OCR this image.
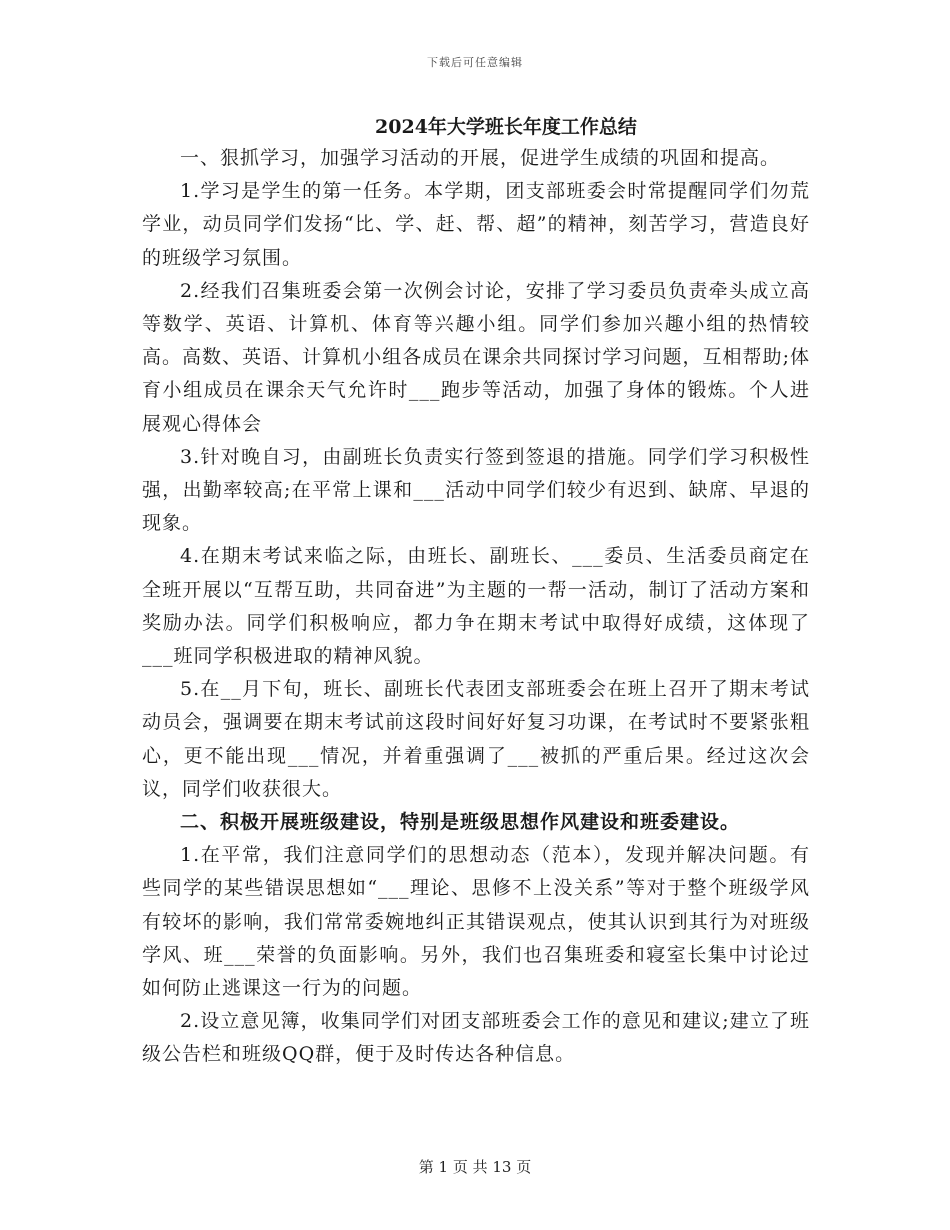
下载后可任意编辑
2024年大学班长年度工作总结

一、狠抓学习，加强学习活动的开展，促进学生成绩的巩固和提高。

1.学习是学生的第一任务。本学期，团支部班委会时常提醒同学们勿荒学业，动员同学们发扬“比、学、赶、帮、超”的精神，刻苦学习，营造良好的班级学习氛围。

2.经我们召集班委会第一次例会讨论，安排了学习委员负责牵头成立高等数学、英语、计算机、体育等兴趣小组。同学们参加兴趣小组的热情较高。高数、英语、计算机小组各成员在课余共同探讨学习问题，互相帮助;体育小组成员在课余天气允许时___跑步等活动，加强了身体的锻炼。个人进展观心得体会

3.针对晚自习，由副班长负责实行签到签退的措施。同学们学习积极性强，出勤率较高;在平常上课和___活动中同学们较少有迟到、缺席、早退的现象。

4.在期末考试来临之际，由班长、副班长、___委员、生活委员商定在全班开展以“互帮互助，共同奋进”为主题的一帮一活动，制订了活动方案和奖励办法。同学们积极响应，都力争在期末考试中取得好成绩，这体现了___班同学积极进取的精神风貌。

5.在__月下旬，班长、副班长代表团支部班委会在班上召开了期末考试动员会，强调要在期末考试前这段时间好好复习功课，在考试时不要紧张粗心，更不能出现___情况，并着重强调了___被抓的严重后果。经过这次会议，同学们收获很大。

二、积极开展班级建设，特别是班级思想作风建设和班委建设。

1.在平常，我们注意同学们的思想动态（范本），发现并解决问题。有些同学的某些错误思想如“___理论、思修不上没关系”等对于整个班级学风有较坏的影响，我们常常委婉地纠正其错误观点，使其认识到其行为对班级学风、班___荣誉的负面影响。另外，我们也召集班委和寝室长集中讨论过如何防止逃课这一行为的问题。

2.设立意见簿，收集同学们对团支部班委会工作的意见和建议;建立了班级公告栏和班级QQ群，便于及时传达各种信息。

第 1 页 共 13 页
